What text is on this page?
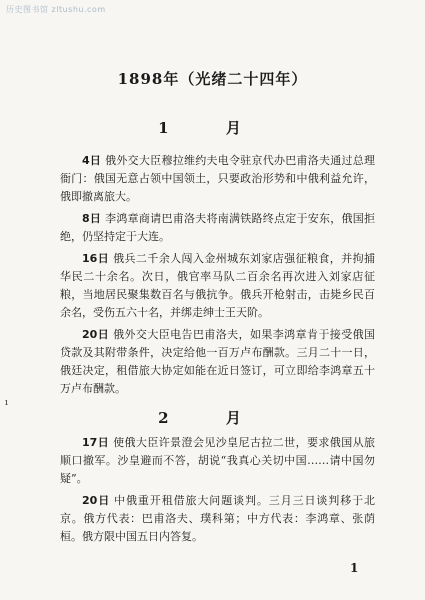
历史图书馆 zltushu.com
1898年（光绪二十四年）
1 月

4日 俄外交大臣穆拉维约夫电令驻京代办巴甫洛夫通过总理衙门：俄国无意占领中国领土，只要政治形势和中俄利益允许，俄即撤离旅大。

8日 李鸿章商请巴甫洛夫将南满铁路终点定于安东，俄国拒绝，仍坚持定于大连。

16日 俄兵二千余人闯入金州城东刘家店强征粮食，并拘捕华民二十余名。次日，俄官率马队二百余名再次进入刘家店征粮，当地居民聚集数百名与俄抗争。俄兵开枪射击，击毙乡民百余名，受伤五六十名，并绑走绅士王天阶。

20日 俄外交大臣电告巴甫洛夫，如果李鸿章肯于接受俄国贷款及其附带条件，决定给他一百万卢布酬款。三月二十一日，俄廷决定，租借旅大协定如能在近日签订，可立即给李鸿章五十万卢布酬款。

ı
2 月

17日 使俄大臣许景澄会见沙皇尼古拉二世，要求俄国从旅顺口撤军。沙皇避而不答，胡说“我真心关切中国……请中国勿疑”。

20日 中俄重开租借旅大问题谈判。三月三日谈判移于北京。俄方代表：巴甫洛夫、璞科第；中方代表：李鸿章、张荫桓。俄方限中国五日内答复。

1
